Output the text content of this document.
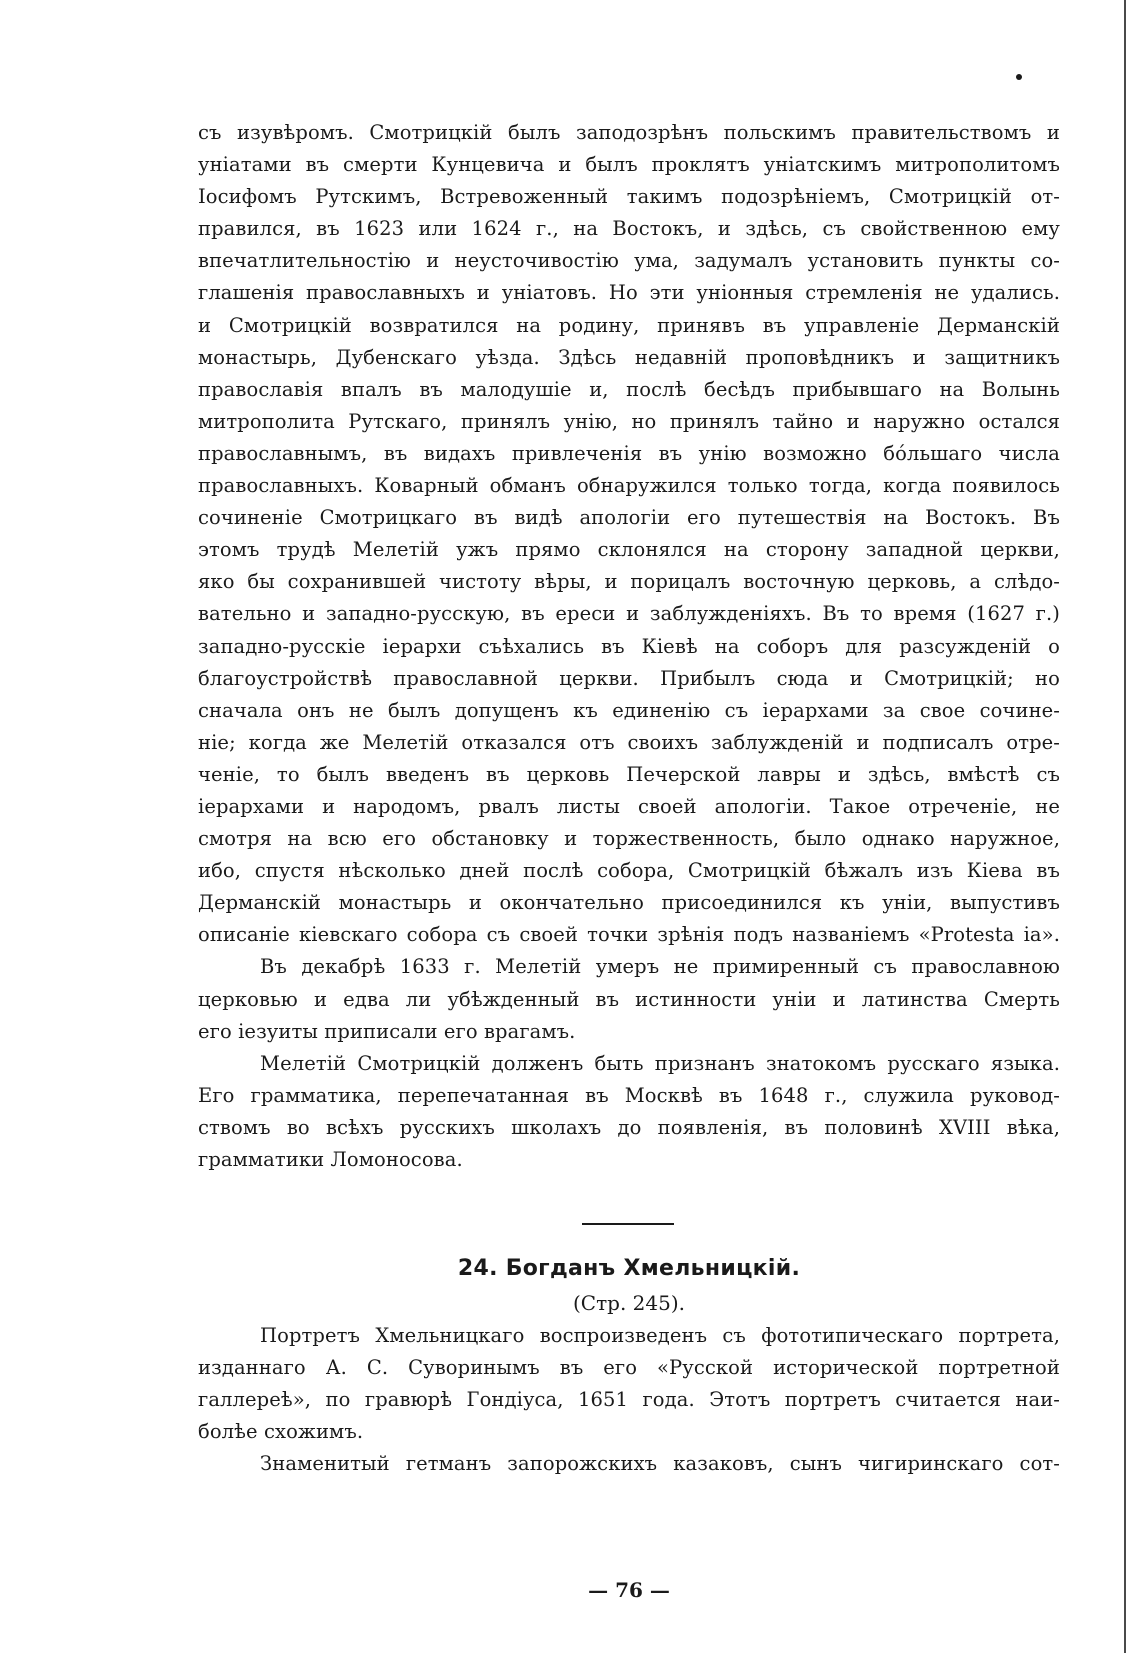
съ изувѣромъ. Смотрицкій былъ заподозрѣнъ польскимъ правительствомъ и
уніатами въ смерти Кунцевича и былъ проклятъ уніатскимъ митрополитомъ
Іосифомъ Рутскимъ, Встревоженный такимъ подозрѣніемъ, Смотрицкій от-
правился, въ 1623 или 1624 г., на Востокъ, и здѣсь, съ свойственною ему
впечатлительностію и неусточивостію ума, задумалъ установить пункты со-
глашенія православныхъ и уніатовъ. Но эти уніонныя стремленія не удались.
и Смотрицкій возвратился на родину, принявъ въ управленіе Дерманскій
монастырь, Дубенскаго уѣзда. Здѣсь недавній проповѣдникъ и защитникъ
православія впалъ въ малодушіе и, послѣ бесѣдъ прибывшаго на Волынь
митрополита Рутскаго, принялъ унію, но принялъ тайно и наружно остался
православнымъ, въ видахъ привлеченія въ унію возможно бóльшаго числа
православныхъ. Коварный обманъ обнаружился только тогда, когда появилось
сочиненіе Смотрицкаго въ видѣ апологіи его путешествія на Востокъ. Въ
этомъ трудѣ Мелетій ужъ прямо склонялся на сторону западной церкви,
яко бы сохранившей чистоту вѣры, и порицалъ восточную церковь, а слѣдо-
вательно и западно-русскую, въ ереси и заблужденіяхъ. Въ то время (1627 г.)
западно-русскіе іерархи съѣхались въ Кіевѣ на соборъ для разсужденій о
благоустройствѣ православной церкви. Прибылъ сюда и Смотрицкій; но
сначала онъ не былъ допущенъ къ единенію съ іерархами за свое сочине-
ніе; когда же Мелетій отказался отъ своихъ заблужденій и подписалъ отре-
ченіе, то былъ введенъ въ церковь Печерской лавры и здѣсь, вмѣстѣ съ
іерархами и народомъ, рвалъ листы своей апологіи. Такое отреченіе, не
смотря на всю его обстановку и торжественность, было однако наружное,
ибо, спустя нѣсколько дней послѣ собора, Смотрицкій бѣжалъ изъ Кіева въ
Дерманскій монастырь и окончательно присоединился къ уніи, выпустивъ
описаніе кіевскаго собора съ своей точки зрѣнія подъ названіемъ «Protesta ia».

Въ декабрѣ 1633 г. Мелетій умеръ не примиренный съ православною
церковью и едва ли убѣжденный въ истинности уніи и латинства Смерть
его іезуиты приписали его врагамъ.

Мелетій Смотрицкій долженъ быть признанъ знатокомъ русскаго языка.
Его грамматика, перепечатанная въ Москвѣ въ 1648 г., служила руковод-
ствомъ во всѣхъ русскихъ школахъ до появленія, въ половинѣ XVIII вѣка,
грамматики Ломоносова.

24. Богданъ Хмельницкій.
(Стр. 245).

Портретъ Хмельницкаго воспроизведенъ съ фототипическаго портрета,
изданнаго А. С. Суворинымъ въ его «Русской исторической портретной
галлереѣ», по гравюрѣ Гондіуса, 1651 года. Этотъ портретъ считается наи-
болѣе схожимъ.

Знаменитый гетманъ запорожскихъ казаковъ, сынъ чигиринскаго сот-

— 76 —
